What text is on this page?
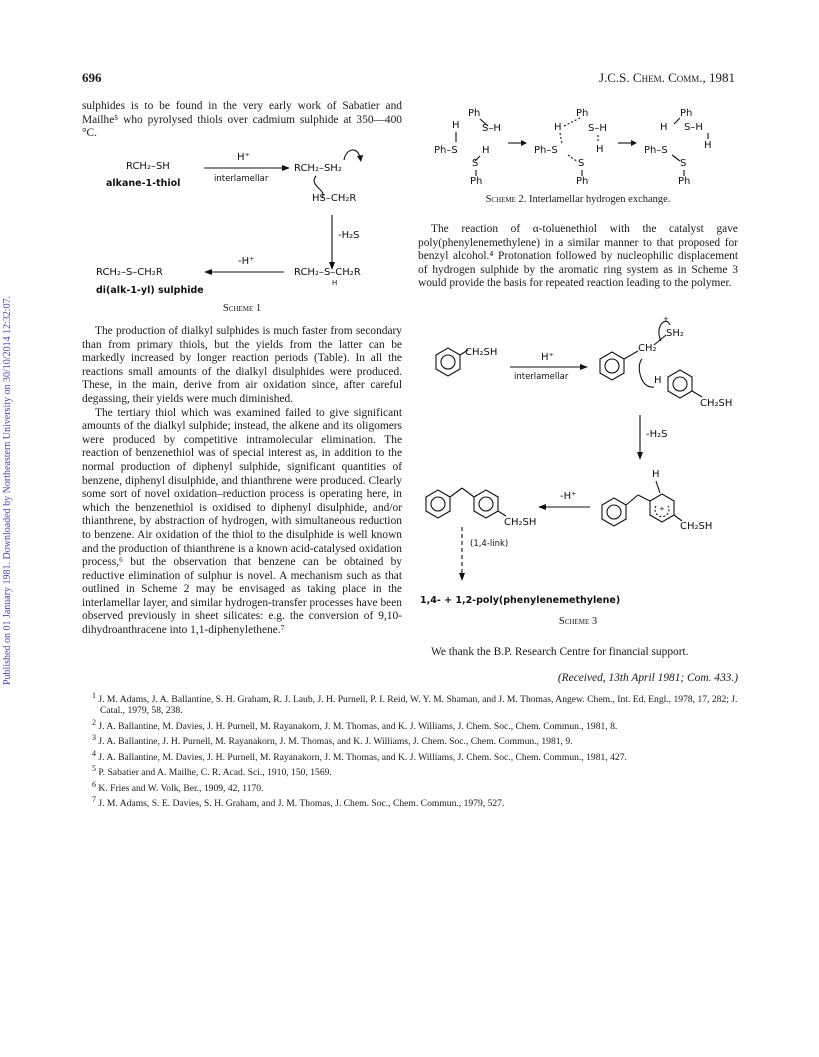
696	J.C.S. Chem. Comm., 1981
Published on 01 January 1981. Downloaded by Northeastern University on 30/10/2014 12:32:07.

sulphides is to be found in the very early work of Sabatier and Mailhe⁵ who pyrolysed thiols over cadmium sulphide at 350—400 °C.

RCH₂–SH
alkane-1-thiol
H⁺
interlamellar
RCH₂–SH₂
HS–CH₂R
-H₂S
RCH₂–S–CH₂R
H
-H⁺
RCH₂–S–CH₂R
di(alk-1-yl) sulphide
Scheme 1

The production of dialkyl sulphides is much faster from secondary than from primary thiols, but the yields from the latter can be markedly increased by longer reaction periods (Table). In all the reactions small amounts of the dialkyl disulphides were produced. These, in the main, derive from air oxidation since, after careful degassing, their yields were much diminished.

The tertiary thiol which was examined failed to give significant amounts of the dialkyl sulphide; instead, the alkene and its oligomers were produced by competitive intramolecular elimination. The reaction of benzenethiol was of special interest as, in addition to the normal production of diphenyl sulphide, significant quantities of benzene, diphenyl disulphide, and thianthrene were produced. Clearly some sort of novel oxidation–reduction process is operating here, in which the benzenethiol is oxidised to diphenyl disulphide, and/or thianthrene, by abstraction of hydrogen, with simultaneous reduction to benzene. Air oxidation of the thiol to the disulphide is well known and the production of thianthrene is a known acid-catalysed oxidation process,⁶ but the observation that benzene can be obtained by reductive elimination of sulphur is novel. A mechanism such as that outlined in Scheme 2 may be envisaged as taking place in the interlamellar layer, and similar hydrogen-transfer processes have been observed previously in sheet silicates: e.g. the conversion of 9,10-dihydroanthracene into 1,1-diphenylethene.⁷

Ph
S–H
H
Ph–S H
S
Ph
Ph
S–H
H
Ph–S	H
S
Ph
Ph
H S–H
H
Ph–S
S
Ph
Scheme 2. Interlamellar hydrogen exchange.

The reaction of α-toluenethiol with the catalyst gave poly(phenylenemethylene) in a similar manner to that proposed for benzyl alcohol.⁴ Protonation followed by nucleophilic displacement of hydrogen sulphide by the aromatic ring system as in Scheme 3 would provide the basis for repeated reaction leading to the polymer.

CH₂SH	H⁺
interlamellar
CH₂
SH₂
+
CH₂SH
H
-H₂S
+
H
CH₂SH
-H⁺
CH₂SH
(1,4-link)
1,4- + 1,2-poly(phenylenemethylene)
Scheme 3

We thank the B.P. Research Centre for financial support.

(Received, 13th April 1981; Com. 433.)

$^1$ J. M. Adams, J. A. Ballantine, S. H. Graham, R. J. Laub, J. H. Purnell, P. I. Reid, W. Y. M. Shaman, and J. M. Thomas, Angew. Chem., Int. Ed. Engl., 1978, 17, 282; J. Catal., 1979, 58, 238.

$^2$ J. A. Ballantine, M. Davies, J. H. Purnell, M. Rayanakorn, J. M. Thomas, and K. J. Williams, J. Chem. Soc., Chem. Commun., 1981, 8.

$^3$ J. A. Ballantine, J. H. Purnell, M. Rayanakorn, J. M. Thomas, and K. J. Williams, J. Chem. Soc., Chem. Commun., 1981, 9.

$^4$ J. A. Ballantine, M. Davies, J. H. Purnell, M. Rayanakorn, J. M. Thomas, and K. J. Williams, J. Chem. Soc., Chem. Commun., 1981, 427.

$^5$ P. Sabatier and A. Mailhe, C. R. Acad. Sci., 1910, 150, 1569.

$^6$ K. Fries and W. Volk, Ber., 1909, 42, 1170.

$^7$ J. M. Adams, S. E. Davies, S. H. Graham, and J. M. Thomas, J. Chem. Soc., Chem. Commun., 1979, 527.
